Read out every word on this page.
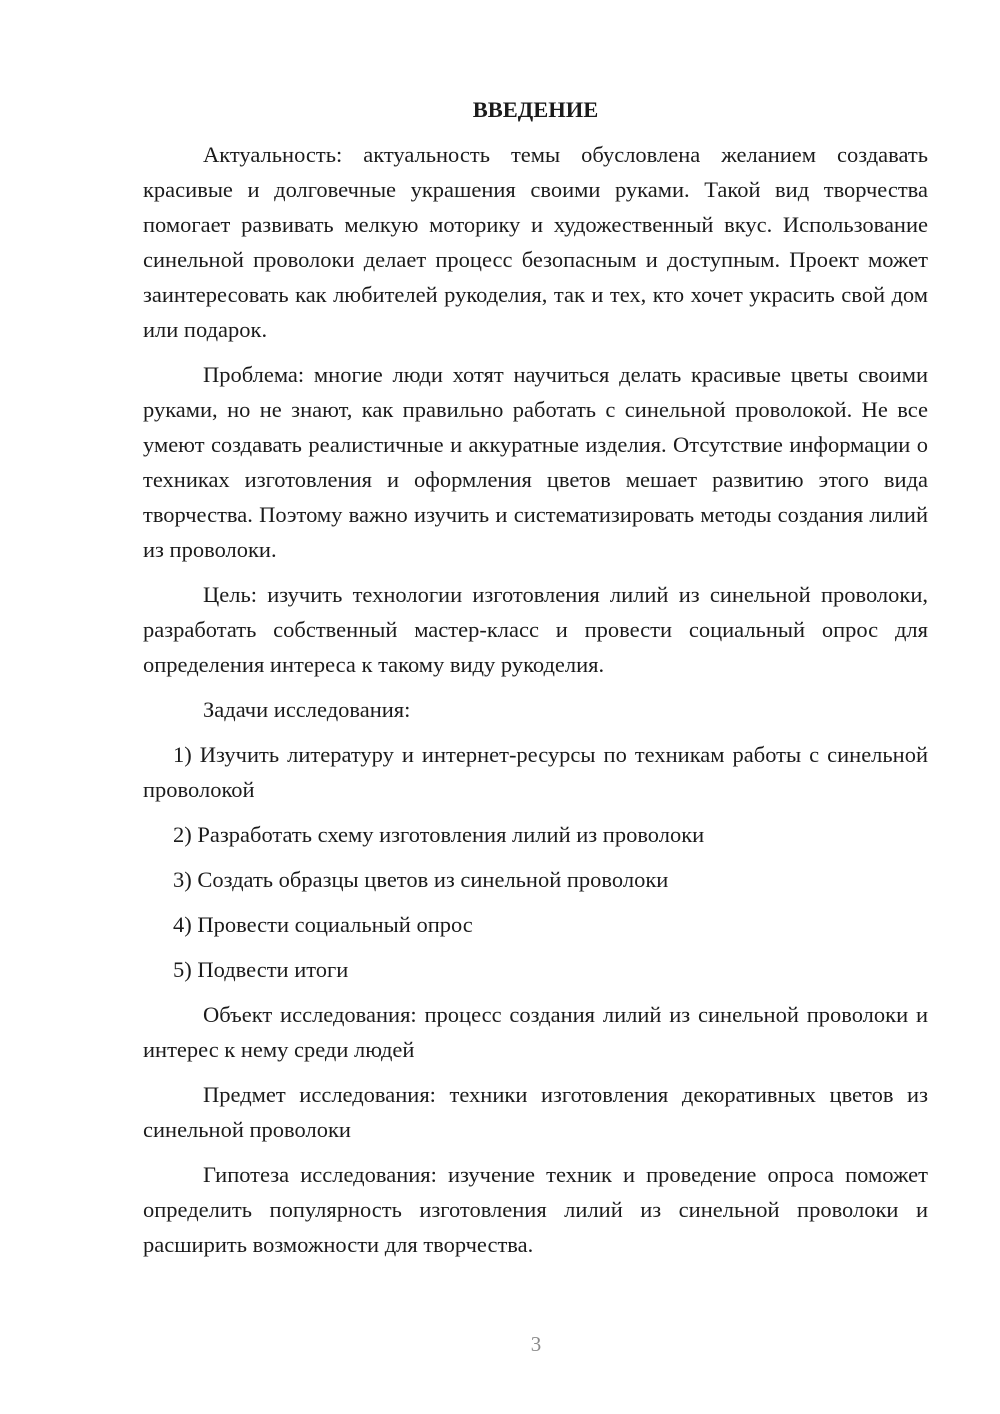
ВВЕДЕНИЕ

Актуальность: актуальность темы обусловлена желанием создавать красивые и долговечные украшения своими руками. Такой вид творчества помогает развивать мелкую моторику и художественный вкус. Использование синельной проволоки делает процесс безопасным и доступным. Проект может заинтересовать как любителей рукоделия, так и тех, кто хочет украсить свой дом или подарок.

Проблема: многие люди хотят научиться делать красивые цветы своими руками, но не знают, как правильно работать с синельной проволокой. Не все умеют создавать реалистичные и аккуратные изделия. Отсутствие информации о техниках изготовления и оформления цветов мешает развитию этого вида творчества. Поэтому важно изучить и систематизировать методы создания лилий из проволоки.

Цель: изучить технологии изготовления лилий из синельной проволоки, разработать собственный мастер-класс и провести социальный опрос для определения интереса к такому виду рукоделия.

Задачи исследования:

1) Изучить литературу и интернет-ресурсы по техникам работы с синельной проволокой

2) Разработать схему изготовления лилий из проволоки

3) Создать образцы цветов из синельной проволоки

4) Провести социальный опрос

5) Подвести итоги

Объект исследования: процесс создания лилий из синельной проволоки и интерес к нему среди людей

Предмет исследования: техники изготовления декоративных цветов из синельной проволоки

Гипотеза исследования: изучение техник и проведение опроса поможет определить популярность изготовления лилий из синельной проволоки и расширить возможности для творчества.

3
